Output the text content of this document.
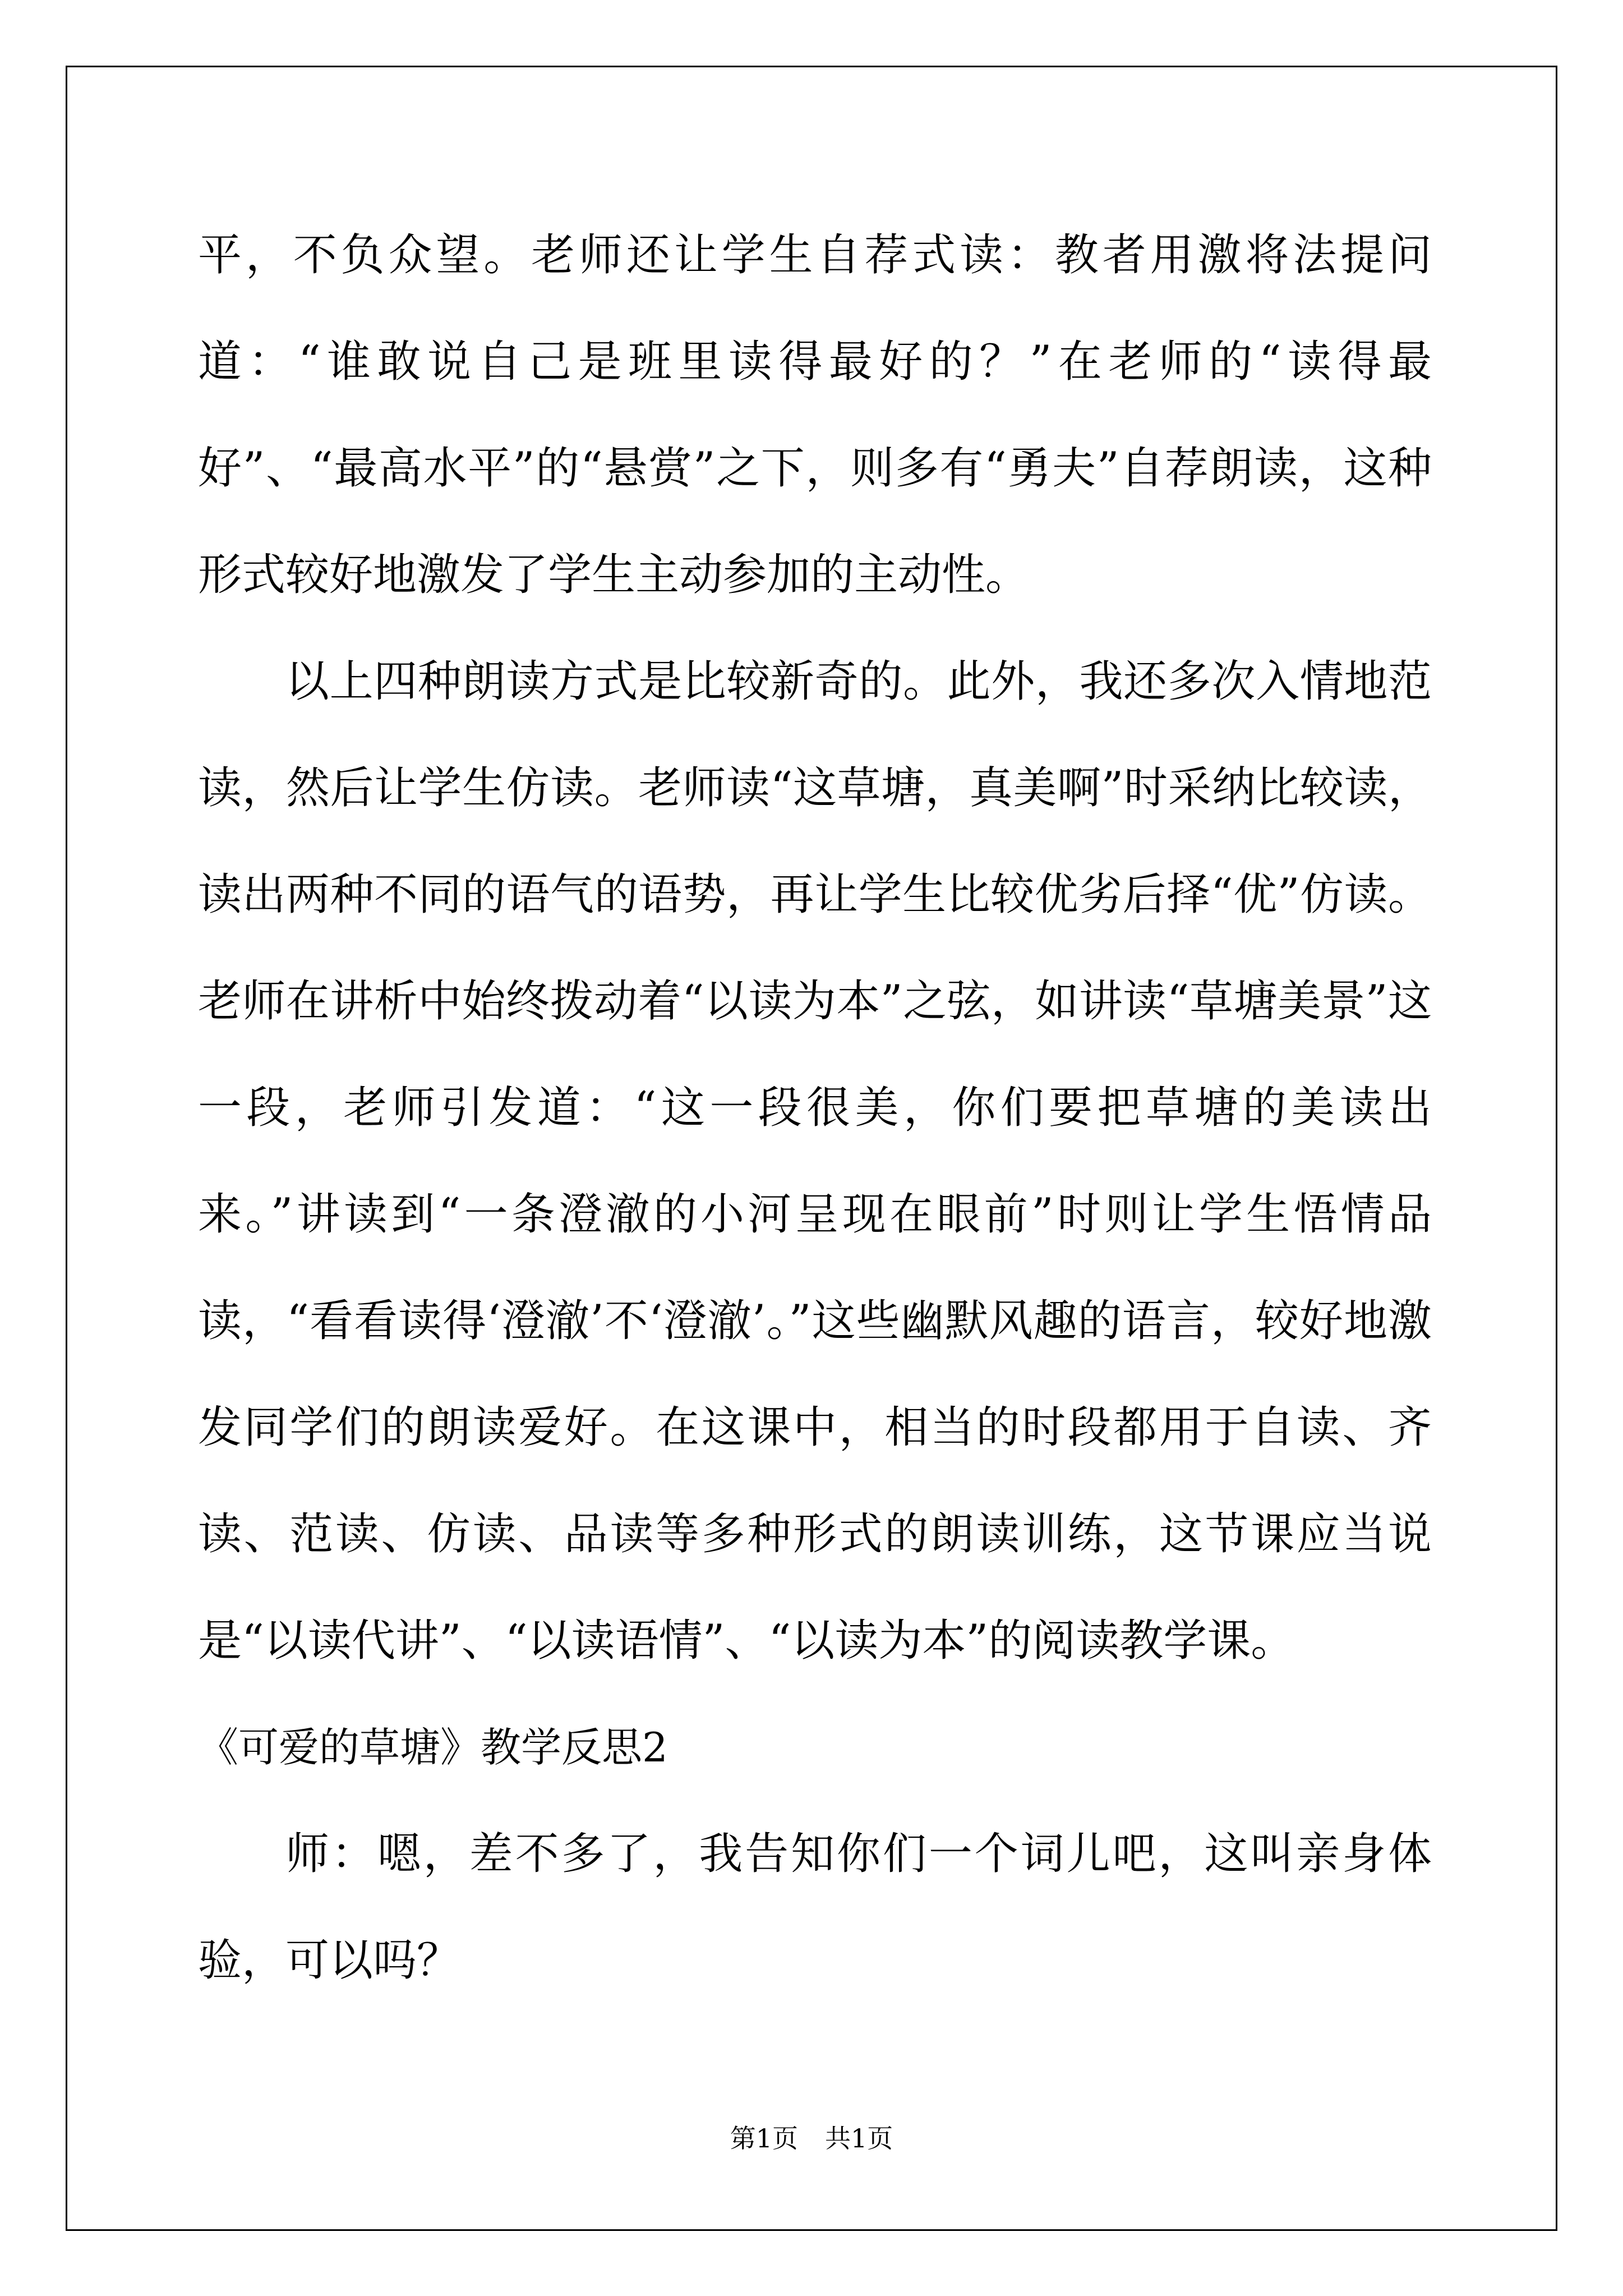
平，不负众望。老师还让学生自荐式读：教者用激将法提问道：“谁敢说自己是班里读得最好的？”在老师的“读得最好”、“最高水平”的“悬赏”之下，则多有“勇夫”自荐朗读，这种形式较好地激发了学生主动参加的主动性。

以上四种朗读方式是比较新奇的。此外，我还多次入情地范读，然后让学生仿读。老师读“这草塘，真美啊”时采纳比较读，读出两种不同的语气的语势，再让学生比较优劣后择“优”仿读。老师在讲析中始终拨动着“以读为本”之弦，如讲读“草塘美景”这一段，老师引发道：“这一段很美，你们要把草塘的美读出来。”讲读到“一条澄澈的小河呈现在眼前”时则让学生悟情品读，“看看读得‘澄澈’不‘澄澈’。”这些幽默风趣的语言，较好地激发同学们的朗读爱好。在这课中，相当的时段都用于自读、齐读、范读、仿读、品读等多种形式的朗读训练，这节课应当说是“以读代讲”、“以读语情”、“以读为本”的阅读教学课。

《可爱的草塘》教学反思2

师：嗯，差不多了，我告知你们一个词儿吧，这叫亲身体验，可以吗？

第1页 共1页
